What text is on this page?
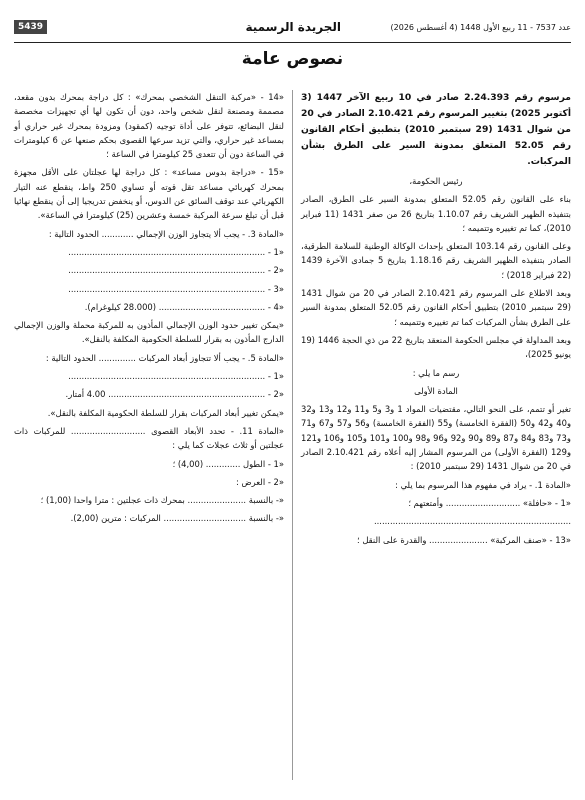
الجريدة الرسمية	عدد 7537 - 11 ربيع الأول 1448 (4 أغسطس 2026)
5439
نصوص عامة

مرسوم رقم 2.24.393 صادر في 10 ربيع الآخر 1447 (3 أكتوبر 2025) بتغيير المرسوم رقم 2.10.421 الصادر في 20 من شوال 1431 (29 سبتمبر 2010) بتطبيق أحكام القانون رقم 52.05 المتعلق بمدونة السير على الطرق بشأن المركبات.

رئيس الحكومة،

بناء على القانون رقم 52.05 المتعلق بمدونة السير على الطرق، الصادر بتنفيذه الظهير الشريف رقم 1.10.07 بتاريخ 26 من صفر 1431 (11 فبراير 2010)، كما تم تغييره وتتميمه ؛

وعلى القانون رقم 103.14 المتعلق بإحداث الوكالة الوطنية للسلامة الطرقية، الصادر بتنفيذه الظهير الشريف رقم 1.18.16 بتاريخ 5 جمادى الآخرة 1439 (22 فبراير 2018) ؛

وبعد الاطلاع على المرسوم رقم 2.10.421 الصادر في 20 من شوال 1431 (29 سبتمبر 2010) بتطبيق أحكام القانون رقم 52.05 المتعلق بمدونة السير على الطرق بشأن المركبات كما تم تغييره وتتميمه ؛

وبعد المداولة في مجلس الحكومة المنعقد بتاريخ 22 من ذي الحجة 1446 (19 يونيو 2025)،

رسم ما يلي :

المادة الأولى

تغير أو تتمم، على النحو التالي، مقتضيات المواد 1 و3 و5 و11 و12 و13 و32 و40 و42 و50 (الفقرة الخامسة) و55 (الفقرة الخامسة) و56 و57 و67 و71 و73 و83 و84 و87 و89 و90 و92 و96 و98 و100 و101 و105 و106 و121 و129 (الفقرة الأولى) من المرسوم المشار إليه أعلاه رقم 2.10.421 الصادر في 20 من شوال 1431 (29 سبتمبر 2010) :

«المادة 1. - يراد في مفهوم هذا المرسوم بما يلي :

«1 - «حافلة» ............................ وأمتعتهم ؛

..........................................................................

«13 - «صنف المركبة» ...................... والقدرة على النقل ؛

«14 - «مركبة التنقل الشخصي بمحرك» : كل دراجة بمحرك بدون مقعد، مصممة ومصنعة لنقل شخص واحد، دون أن تكون لها أي تجهيزات مخصصة لنقل البضائع، تتوفر على أداة توجيه (كمقود) ومزودة بمحرك غير حراري أو بمساعد غير حراري، والتي تزيد سرعها القصوى بحكم صنعها عن 6 كيلومترات في الساعة دون أن تتعدى 25 كيلومترا في الساعة ؛

«15 - «دراجة بدوس مساعد» : كل دراجة لها عجلتان على الأقل مجهزة بمحرك كهربائي مساعد تقل قوته أو تساوي 250 واط، ينقطع عنه التيار الكهربائي عند توقف السائق عن الدوس، أو ينخفض تدريجيا إلى أن ينقطع نهائيا قبل أن تبلغ سرعة المركبة خمسة وعشرين (25) كيلومترا في الساعة».

«المادة 3. - يجب ألا يتجاوز الوزن الإجمالي ............ الحدود التالية :

«1 - ..........................................................................

«2 - ..........................................................................

«3 - ..........................................................................

«4 - ........................................ (28.000 كيلوغرام).

«يمكن تغيير حدود الوزن الإجمالي المأذون به للمركبة محملة والوزن الإجمالي الدارج المأذون به بقرار للسلطة الحكومية المكلفة بالنقل».

«المادة 5. - يجب ألا تتجاوز أبعاد المركبات .............. الحدود التالية :

«1 - ..........................................................................

«2 - ........................................................... 4.00 أمتار.

«يمكن تغيير أبعاد المركبات بقرار للسلطة الحكومية المكلفة بالنقل».

«المادة 11. - تحدد الأبعاد القصوى ............................ للمركبات ذات عجلتين أو ثلاث عجلات كما يلي :

«1 - الطول ............. (4,00) ؛

«2 - العرض :

«- بالنسبة ...................... بمحرك ذات عجلتين : مترا واحدا (1,00) ؛

«- بالنسبة ............................... المركبات : مترين (2,00).
